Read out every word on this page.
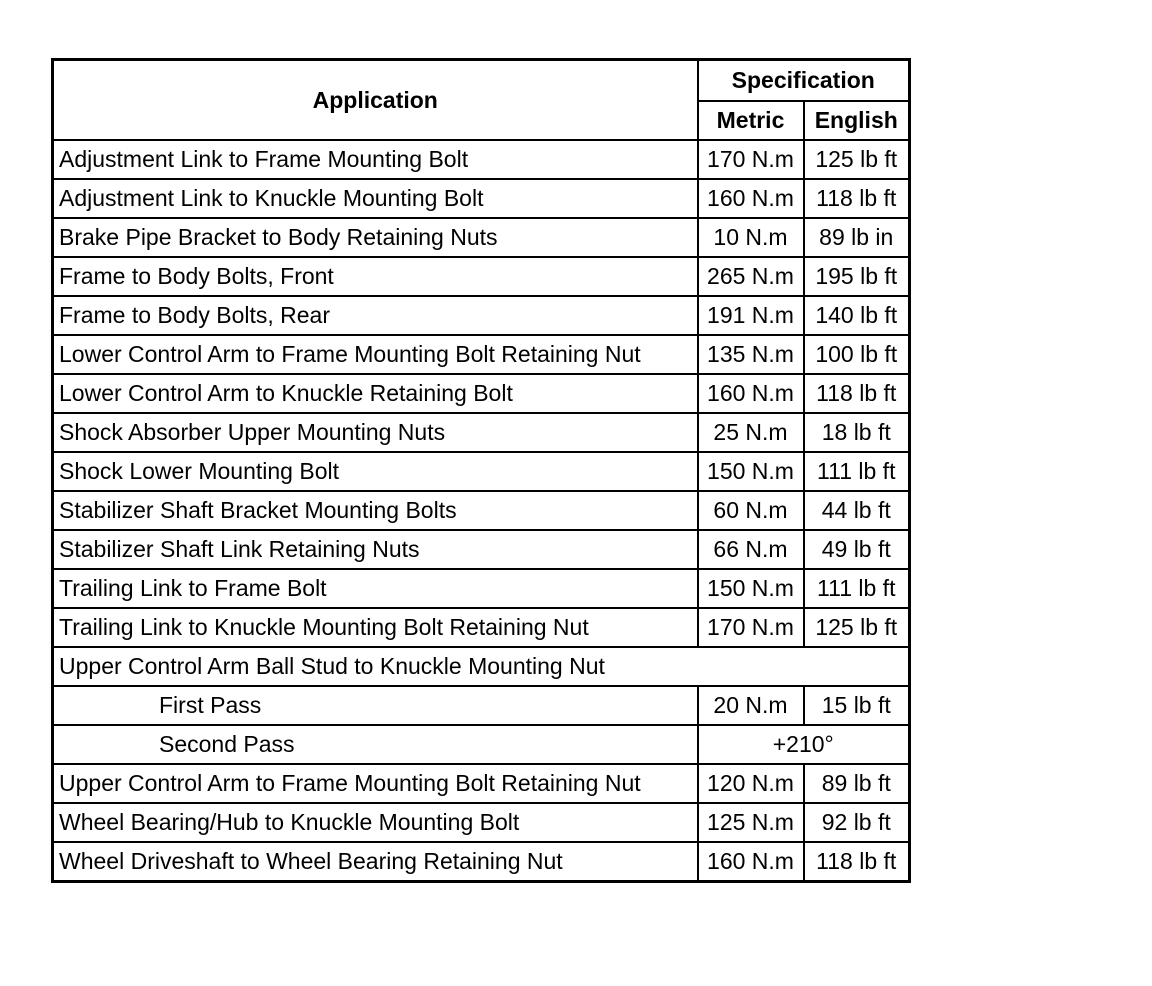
Application	Specification	
	Metric	English
Adjustment Link to Frame Mounting Bolt	170 N.m	125 lb ft
Adjustment Link to Knuckle Mounting Bolt	160 N.m	118 lb ft
Brake Pipe Bracket to Body Retaining Nuts	10 N.m	89 lb in
Frame to Body Bolts, Front	265 N.m	195 lb ft
Frame to Body Bolts, Rear	191 N.m	140 lb ft
Lower Control Arm to Frame Mounting Bolt Retaining Nut	135 N.m	100 lb ft
Lower Control Arm to Knuckle Retaining Bolt	160 N.m	118 lb ft
Shock Absorber Upper Mounting Nuts	25 N.m	18 lb ft
Shock Lower Mounting Bolt	150 N.m	111 lb ft
Stabilizer Shaft Bracket Mounting Bolts	60 N.m	44 lb ft
Stabilizer Shaft Link Retaining Nuts	66 N.m	49 lb ft
Trailing Link to Frame Bolt	150 N.m	111 lb ft
Trailing Link to Knuckle Mounting Bolt Retaining Nut	170 N.m	125 lb ft
Upper Control Arm Ball Stud to Knuckle Mounting Nut		
First Pass	20 N.m	15 lb ft
Second Pass	+210°	
Upper Control Arm to Frame Mounting Bolt Retaining Nut	120 N.m	89 lb ft
Wheel Bearing/Hub to Knuckle Mounting Bolt	125 N.m	92 lb ft
Wheel Driveshaft to Wheel Bearing Retaining Nut	160 N.m	118 lb ft
